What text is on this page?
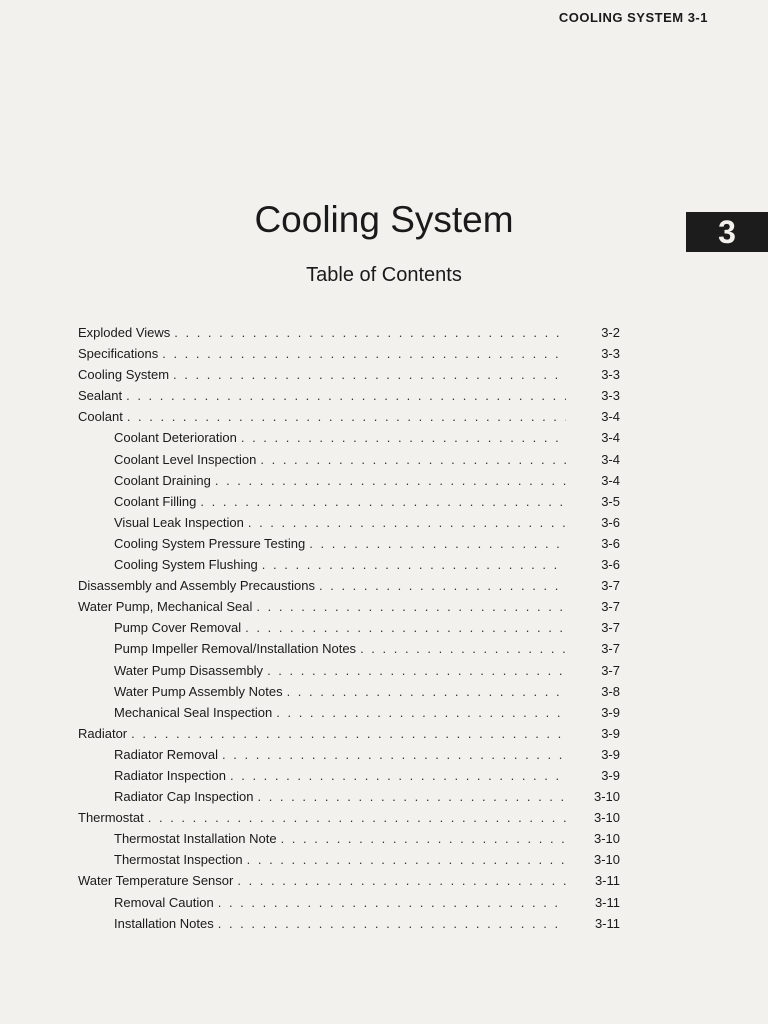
COOLING SYSTEM 3-1
3
Cooling System
Table of Contents
Exploded Views . . .	3-2
Specifications . . .	3-3
Cooling System . . .	3-3
Sealant . . .	3-3
Coolant . . .	3-4
Coolant Deterioration . . .	3-4
Coolant Level Inspection . . .	3-4
Coolant Draining . . .	3-4
Coolant Filling . . .	3-5
Visual Leak Inspection . . .	3-6
Cooling System Pressure Testing . . .	3-6
Cooling System Flushing . . .	3-6
Disassembly and Assembly Precaustions . . .	3-7
Water Pump, Mechanical Seal . . .	3-7
Pump Cover Removal . . .	3-7
Pump Impeller Removal/Installation Notes . . .	3-7
Water Pump Disassembly . . .	3-7
Water Pump Assembly Notes . . .	3-8
Mechanical Seal Inspection . . .	3-9
Radiator . . .	3-9
Radiator Removal . . .	3-9
Radiator Inspection . . .	3-9
Radiator Cap Inspection . . .	3-10
Thermostat . . .	3-10
Thermostat Installation Note . . .	3-10
Thermostat Inspection . . .	3-10
Water Temperature Sensor . . .	3-11
Removal Caution . . .	3-11
Installation Notes . . .	3-11
